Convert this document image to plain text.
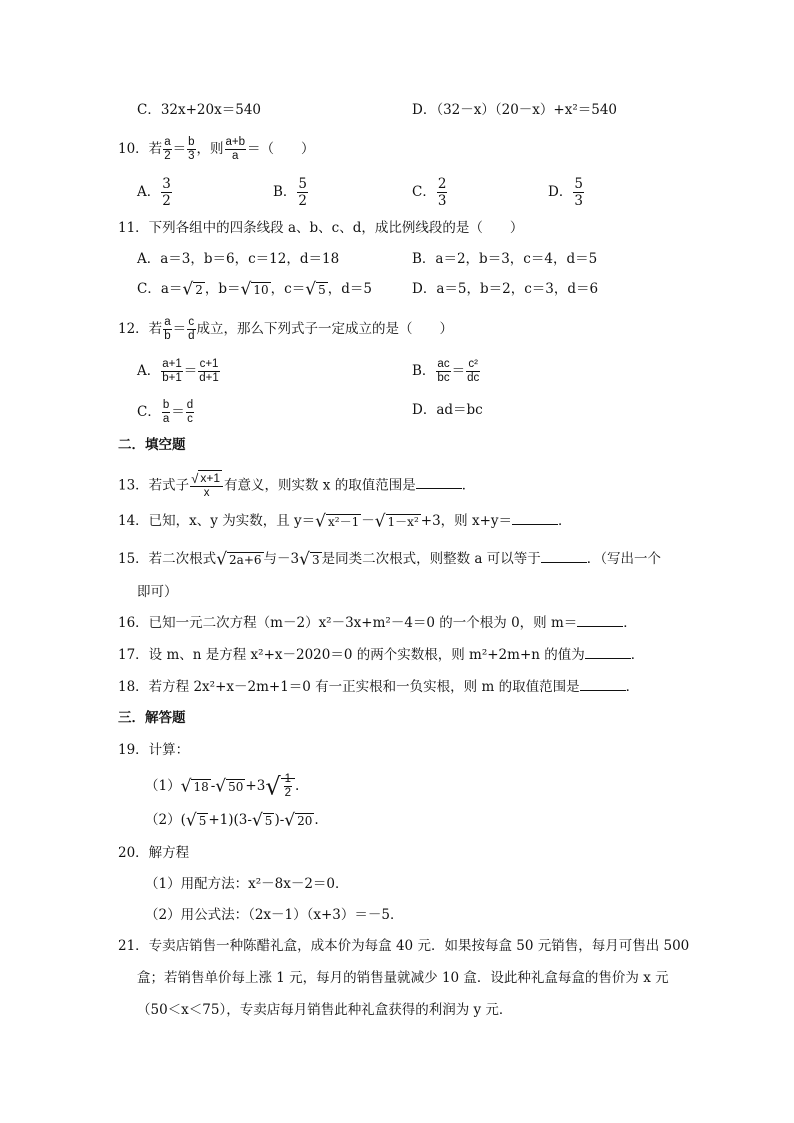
C．32x+20x＝540	D．（32－x）（20－x）+x²＝540
10．若 $\frac{a}{2} = \frac{b}{3}$ ，则 $\frac{a+b}{a}$ ＝（　　）
A． $\frac{3}{2}$	B． $\frac{5}{2}$	C． $\frac{2}{3}$	D． $\frac{5}{3}$
11．下列各组中的四条线段 a、b、c、d，成比例线段的是（　　）
A．a＝3，b＝6，c＝12，d＝18	B．a＝2，b＝3，c＝4，d＝5
C．a＝√ 2 ，b＝√ 10 ，c＝√ 5 ，d＝5	D．a＝5，b＝2，c＝3，d＝6
12．若 $\frac{a}{b} = \frac{c}{d}$ 成立，那么下列式子一定成立的是（　　）
A． $\frac{a+1}{b+1} = \frac{c+1}{d+1}$	B． $\frac{ac}{bc} = \frac{\text{c²}}{dc}$
C． $\frac{b}{a} = \frac{d}{c}$	D．ad＝bc
二．填空题
13．若式子 $\frac{√ x+1}{x}$ 有意义，则实数 x 的取值范围是	．
14．已知，x、y 为实数，且 y＝√ x²－1 －√ 1－x² +3，则 x+y＝	．
15．若二次根式√ 2a+6 与－3√ 3 是同类二次根式，则整数 a 可以等于	．（写出一个
即可）
16．已知一元二次方程（m－2）x²－3x+m²－4＝0 的一个根为 0，则 m＝	．
17．设 m、n 是方程 x²+x－2020＝0 的两个实数根，则 m²+2m+n 的值为	．
18．若方程 2x²+x－2m+1＝0 有一正实根和一负实根，则 m 的取值范围是	．
三．解答题
19．计算：
（1）√ 18 -√ $50 +3√ \frac{1}{2}$ .
（2）(√ 5 +1)(3-√ 5 )-√ 20 .
20．解方程
（1）用配方法：x²－8x－2＝0．
（2）用公式法：（2x－1）（x+3）＝－5．
21．专卖店销售一种陈醋礼盒，成本价为每盒 40 元．如果按每盒 50 元销售，每月可售出 500
盒；若销售单价每上涨 1 元，每月的销售量就减少 10 盒．设此种礼盒每盒的售价为 x 元
（50＜x＜75），专卖店每月销售此种礼盒获得的利润为 y 元．
